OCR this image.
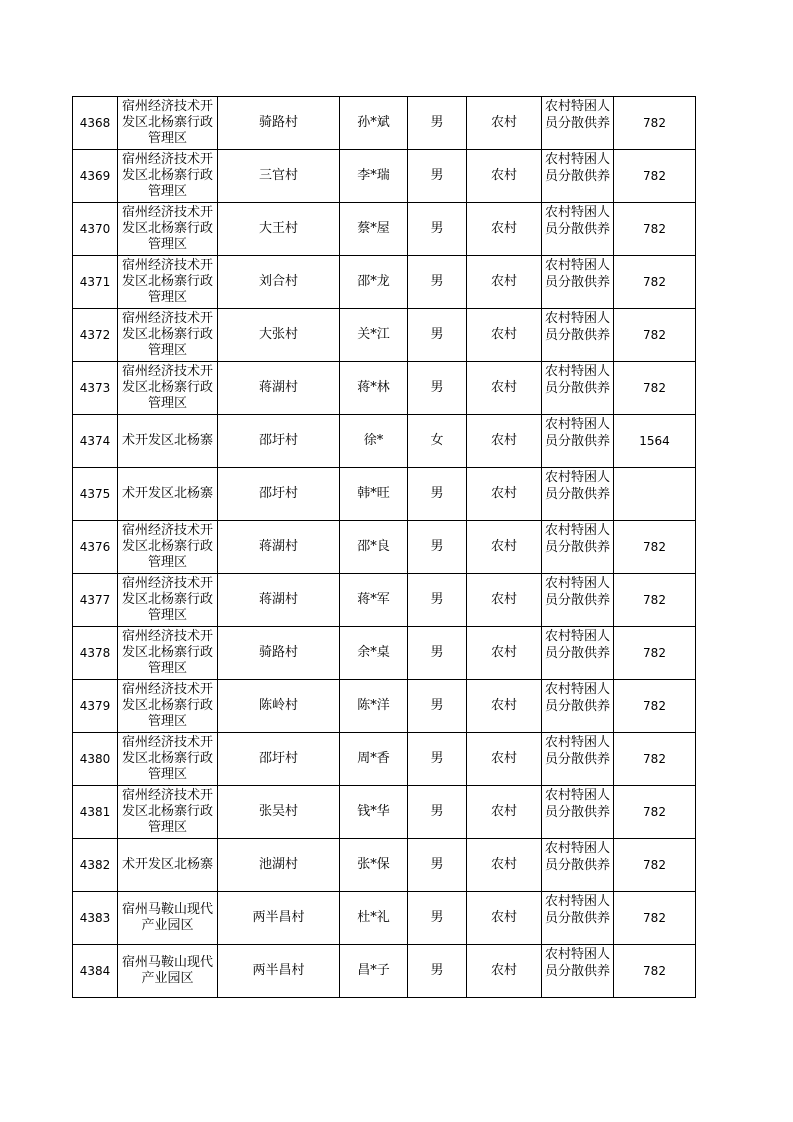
4368	宿州经济技术开发区北杨寨行政管理区	骑路村	孙*斌	男	农村	农村特困人员分散供养	782
4369	宿州经济技术开发区北杨寨行政管理区	三官村	李*瑞	男	农村	农村特困人员分散供养	782
4370	宿州经济技术开发区北杨寨行政管理区	大王村	蔡*屋	男	农村	农村特困人员分散供养	782
4371	宿州经济技术开发区北杨寨行政管理区	刘合村	邵*龙	男	农村	农村特困人员分散供养	782
4372	宿州经济技术开发区北杨寨行政管理区	大张村	关*江	男	农村	农村特困人员分散供养	782
4373	宿州经济技术开发区北杨寨行政管理区	蒋湖村	蒋*林	男	农村	农村特困人员分散供养	782
4374	术开发区北杨寨	邵圩村	徐*	女	农村	农村特困人员分散供养	1564
4375	术开发区北杨寨	邵圩村	韩*旺	男	农村	农村特困人员分散供养	

4376	宿州经济技术开发区北杨寨行政管理区	蒋湖村	邵*良	男	农村	农村特困人员分散供养	782
4377	宿州经济技术开发区北杨寨行政管理区	蒋湖村	蒋*军	男	农村	农村特困人员分散供养	782
4378	宿州经济技术开发区北杨寨行政管理区	骑路村	余*桌	男	农村	农村特困人员分散供养	782
4379	宿州经济技术开发区北杨寨行政管理区	陈岭村	陈*洋	男	农村	农村特困人员分散供养	782
4380	宿州经济技术开发区北杨寨行政管理区	邵圩村	周*香	男	农村	农村特困人员分散供养	782
4381	宿州经济技术开发区北杨寨行政管理区	张吴村	钱*华	男	农村	农村特困人员分散供养	782
4382	术开发区北杨寨	池湖村	张*保	男	农村	农村特困人员分散供养	782
4383	宿州马鞍山现代产业园区	两半昌村	杜*礼	男	农村	农村特困人员分散供养	782
4384	宿州马鞍山现代产业园区	两半昌村	昌*子	男	农村	农村特困人员分散供养	782
